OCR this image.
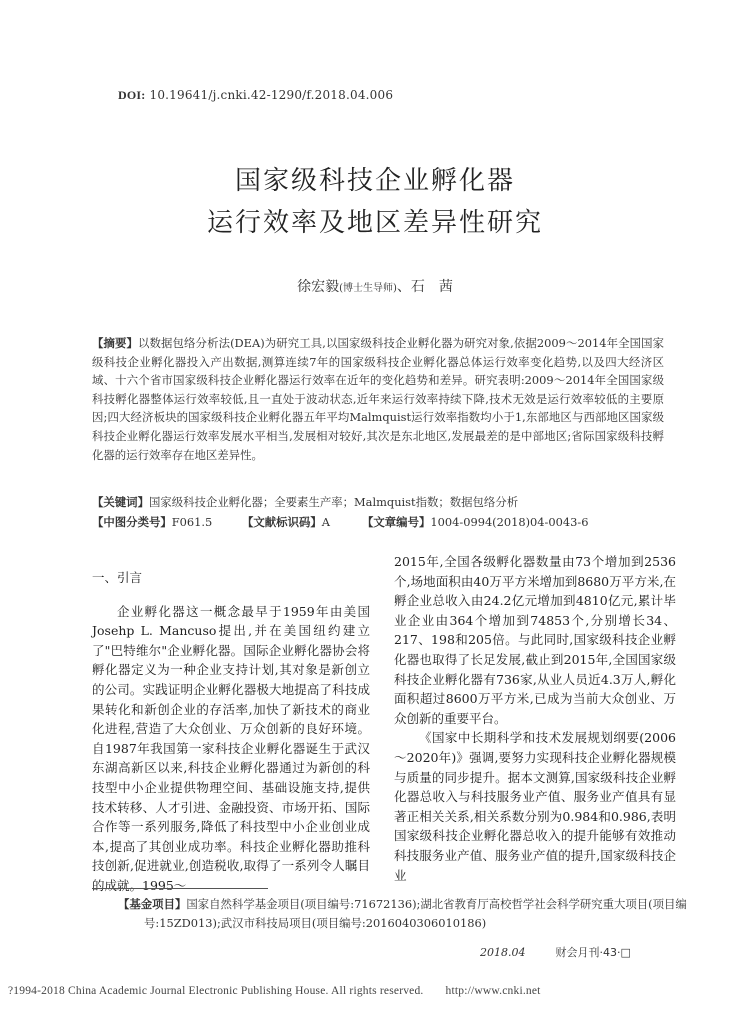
DOI: 10.19641/j.cnki.42-1290/f.2018.04.006
国家级科技企业孵化器
运行效率及地区差异性研究
徐宏毅(博士生导师)、石　茜
【摘要】以数据包络分析法(DEA)为研究工具,以国家级科技企业孵化器为研究对象,依据2009～2014年全国国家级科技企业孵化器投入产出数据,测算连续7年的国家级科技企业孵化器总体运行效率变化趋势,以及四大经济区域、十六个省市国家级科技企业孵化器运行效率在近年的变化趋势和差异。研究表明:2009～2014年全国国家级科技孵化器整体运行效率较低,且一直处于波动状态,近年来运行效率持续下降,技术无效是运行效率较低的主要原因;四大经济板块的国家级科技企业孵化器五年平均Malmquist运行效率指数均小于1,东部地区与西部地区国家级科技企业孵化器运行效率发展水平相当,发展相对较好,其次是东北地区,发展最差的是中部地区;省际国家级科技孵化器的运行效率存在地区差异性。
【关键词】国家级科技企业孵化器；全要素生产率；Malmquist指数；数据包络分析
【中图分类号】F061.5	【文献标识码】A	【文章编号】1004-0994(2018)04-0043-6
一、引言

企业孵化器这一概念最早于1959年由美国Josehp L. Mancuso提出,并在美国纽约建立了"巴特维尔"企业孵化器。国际企业孵化器协会将孵化器定义为一种企业支持计划,其对象是新创立的公司。实践证明企业孵化器极大地提高了科技成果转化和新创企业的存活率,加快了新技术的商业化进程,营造了大众创业、万众创新的良好环境。自1987年我国第一家科技企业孵化器诞生于武汉东湖高新区以来,科技企业孵化器通过为新创的科技型中小企业提供物理空间、基础设施支持,提供技术转移、人才引进、金融投资、市场开拓、国际合作等一系列服务,降低了科技型中小企业创业成本,提高了其创业成功率。科技企业孵化器助推科技创新,促进就业,创造税收,取得了一系列令人瞩目的成就。1995～

2015年,全国各级孵化器数量由73个增加到2536个,场地面积由40万平方米增加到8680万平方米,在孵企业总收入由24.2亿元增加到4810亿元,累计毕业企业由364个增加到74853个,分别增长34、217、198和205倍。与此同时,国家级科技企业孵化器也取得了长足发展,截止到2015年,全国国家级科技企业孵化器有736家,从业人员近4.3万人,孵化面积超过8600万平方米,已成为当前大众创业、万众创新的重要平台。

《国家中长期科学和技术发展规划纲要(2006～2020年)》强调,要努力实现科技企业孵化器规模与质量的同步提升。据本文测算,国家级科技企业孵化器总收入与科技服务业产值、服务业产值具有显著正相关关系,相关系数分别为0.984和0.986,表明国家级科技企业孵化器总收入的提升能够有效推动科技服务业产值、服务业产值的提升,国家级科技企业

【基金项目】国家自然科学基金项目(项目编号:71672136);湖北省教育厅高校哲学社会科学研究重大项目(项目编号:15ZD013);武汉市科技局项目(项目编号:2016040306010186)
2018.04	财会月刊·43·□
?1994-2018 China Academic Journal Electronic Publishing House. All rights reserved. http://www.cnki.net
